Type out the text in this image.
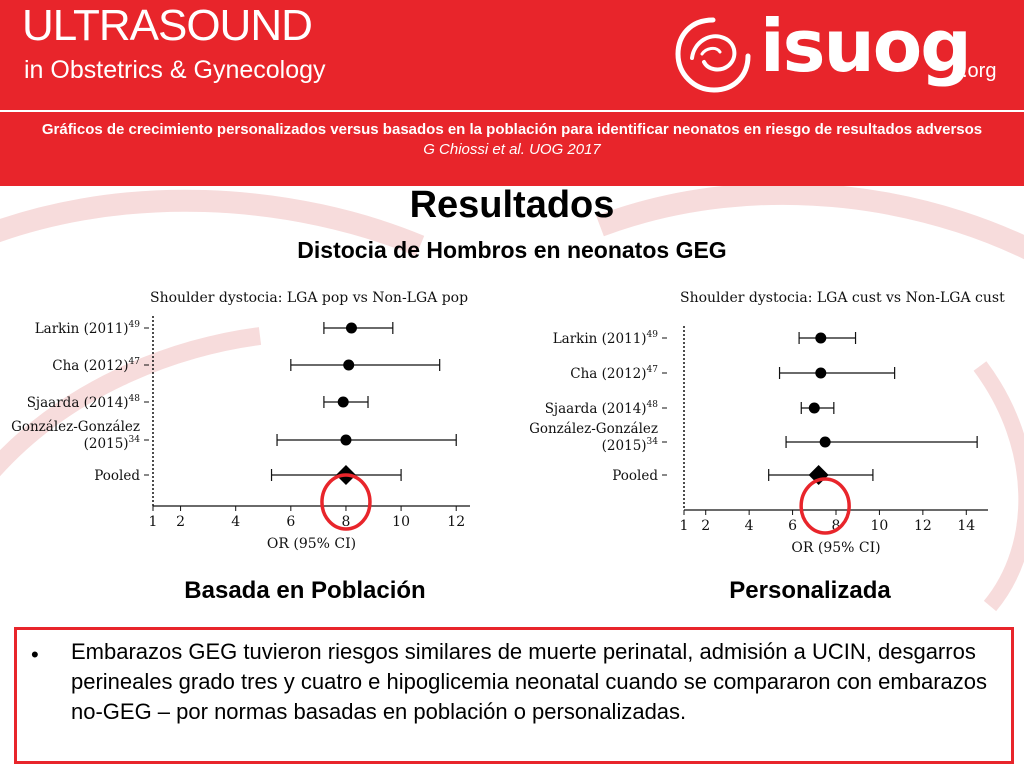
ULTRASOUND
in Obstetrics & Gynecology	isuog
.org
Gráficos de crecimiento personalizados versus basados en la población para identificar neonatos en riesgo de resultados adversos
G Chiossi et al. UOG 2017
Resultados
Distocia de Hombros en neonatos GEG
Shoulder dystocia: LGA pop vs Non-LGA pop
1 2	4	6	8	10	12
OR (95% CI)
Larkin $(2011)^{49}$
Cha $(2012)^{47}$
Sjaarda $(2014)^{48}$
González-González
$(2015)^{34}$
Pooled
Shoulder dystocia: LGA cust vs Non-LGA cust
1 2 4 6 8 10 12 14
OR (95% CI)
Larkin $(2011)^{49}$
Cha $(2012)^{47}$
Sjaarda $(2014)^{48}$
González-González
$(2015)^{34}$
Pooled
Basada en Población	Personalizada
• Embarazos GEG tuvieron riesgos similares de muerte perinatal, admisión a UCIN, desgarros perineales grado tres y cuatro e hipoglicemia neonatal cuando se compararon con embarazos no-GEG – por normas basadas en población o personalizadas.
